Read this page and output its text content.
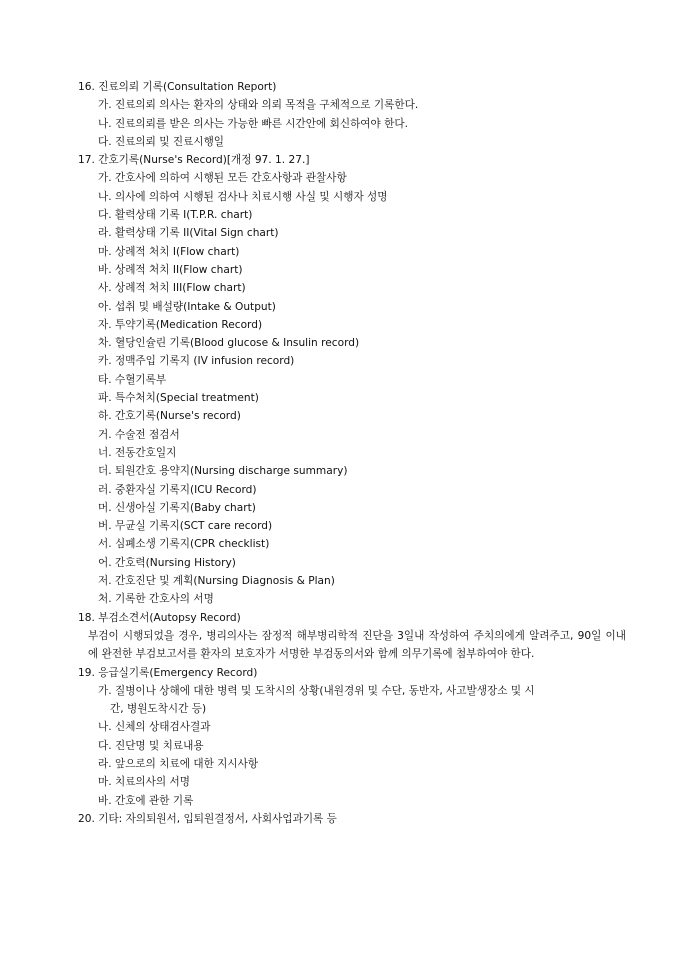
16. 진료의뢰 기록(Consultation Report)
가. 진료의뢰 의사는 환자의 상태와 의뢰 목적을 구체적으로 기록한다.
나. 진료의뢰를 받은 의사는 가능한 빠른 시간안에 회신하여야 한다.
다. 진료의뢰 및 진료시행일
17. 간호기록(Nurse's Record)[개정 97. 1. 27.]
가. 간호사에 의하여 시행된 모든 간호사항과 관찰사항
나. 의사에 의하여 시행된 검사나 치료시행 사실 및 시행자 성명
다. 활력상태 기록 I(T.P.R. chart)
라. 활력상태 기록 II(Vital Sign chart)
마. 상례적 처치 I(Flow chart)
바. 상례적 처치 II(Flow chart)
사. 상례적 처치 III(Flow chart)
아. 섭취 및 배설량(Intake & Output)
자. 투약기록(Medication Record)
차. 혈당인슐린 기록(Blood glucose & Insulin record)
카. 정맥주입 기록지 (IV infusion record)
타. 수혈기록부
파. 특수처치(Special treatment)
하. 간호기록(Nurse's record)
거. 수술전 점검서
너. 전동간호일지
더. 퇴원간호 용약지(Nursing discharge summary)
러. 중환자실 기록지(ICU Record)
머. 신생아실 기록지(Baby chart)
버. 무균실 기록지(SCT care record)
서. 심폐소생 기록지(CPR checklist)
어. 간호력(Nursing History)
저. 간호진단 및 계획(Nursing Diagnosis & Plan)
처. 기록한 간호사의 서명
18. 부검소견서(Autopsy Record)
부검이 시행되었을 경우, 병리의사는 잠정적 해부병리학적 진단을 3일내 작성하여 주치의에게 알려주고, 90일 이내에 완전한 부검보고서를 환자의 보호자가 서명한 부검동의서와 함께 의무기록에 첨부하여야 한다.
19. 응급실기록(Emergency Record)
가. 질병이나 상해에 대한 병력 및 도착시의 상황(내원경위 및 수단, 동반자, 사고발생장소 및 시
간, 병원도착시간 등)
나. 신체의 상태검사결과
다. 진단명 및 치료내용
라. 앞으로의 치료에 대한 지시사항
마. 치료의사의 서명
바. 간호에 관한 기록
20. 기타: 자의퇴원서, 입퇴원결정서, 사회사업과기록 등
